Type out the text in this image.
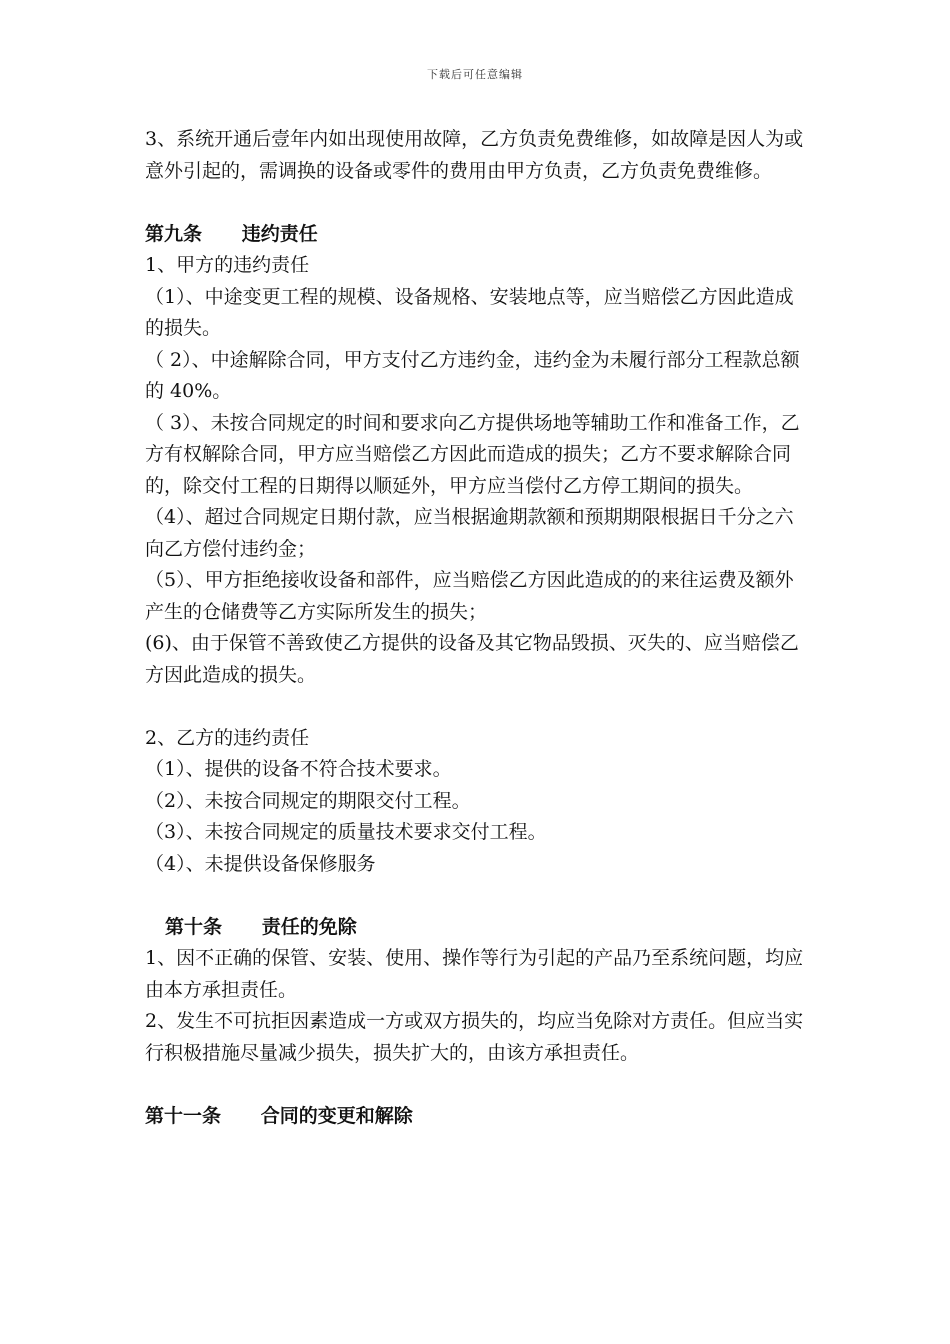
下载后可任意编辑

3、系统开通后壹年内如出现使用故障，乙方负责免费维修，如故障是因人为或意外引起的，需调换的设备或零件的费用由甲方负责，乙方负责免费维修。

第九条      违约责任

1、甲方的违约责任

（1）、中途变更工程的规模、设备规格、安装地点等，应当赔偿乙方因此造成的损失。

（ 2）、中途解除合同，甲方支付乙方违约金，违约金为未履行部分工程款总额的 40%。

（ 3）、未按合同规定的时间和要求向乙方提供场地等辅助工作和准备工作，乙方有权解除合同，甲方应当赔偿乙方因此而造成的损失；乙方不要求解除合同的，除交付工程的日期得以顺延外，甲方应当偿付乙方停工期间的损失。

（4）、超过合同规定日期付款，应当根据逾期款额和预期期限根据日千分之六向乙方偿付违约金；

（5）、甲方拒绝接收设备和部件，应当赔偿乙方因此造成的的来往运费及额外产生的仓储费等乙方实际所发生的损失；

(6)、由于保管不善致使乙方提供的设备及其它物品毁损、灭失的、应当赔偿乙方因此造成的损失。

2、乙方的违约责任

（1）、提供的设备不符合技术要求。

（2）、未按合同规定的期限交付工程。

（3）、未按合同规定的质量技术要求交付工程。

（4）、未提供设备保修服务

第十条      责任的免除

1、因不正确的保管、安装、使用、操作等行为引起的产品乃至系统问题，均应由本方承担责任。

2、发生不可抗拒因素造成一方或双方损失的，均应当免除对方责任。但应当实行积极措施尽量减少损失，损失扩大的，由该方承担责任。

第十一条      合同的变更和解除
